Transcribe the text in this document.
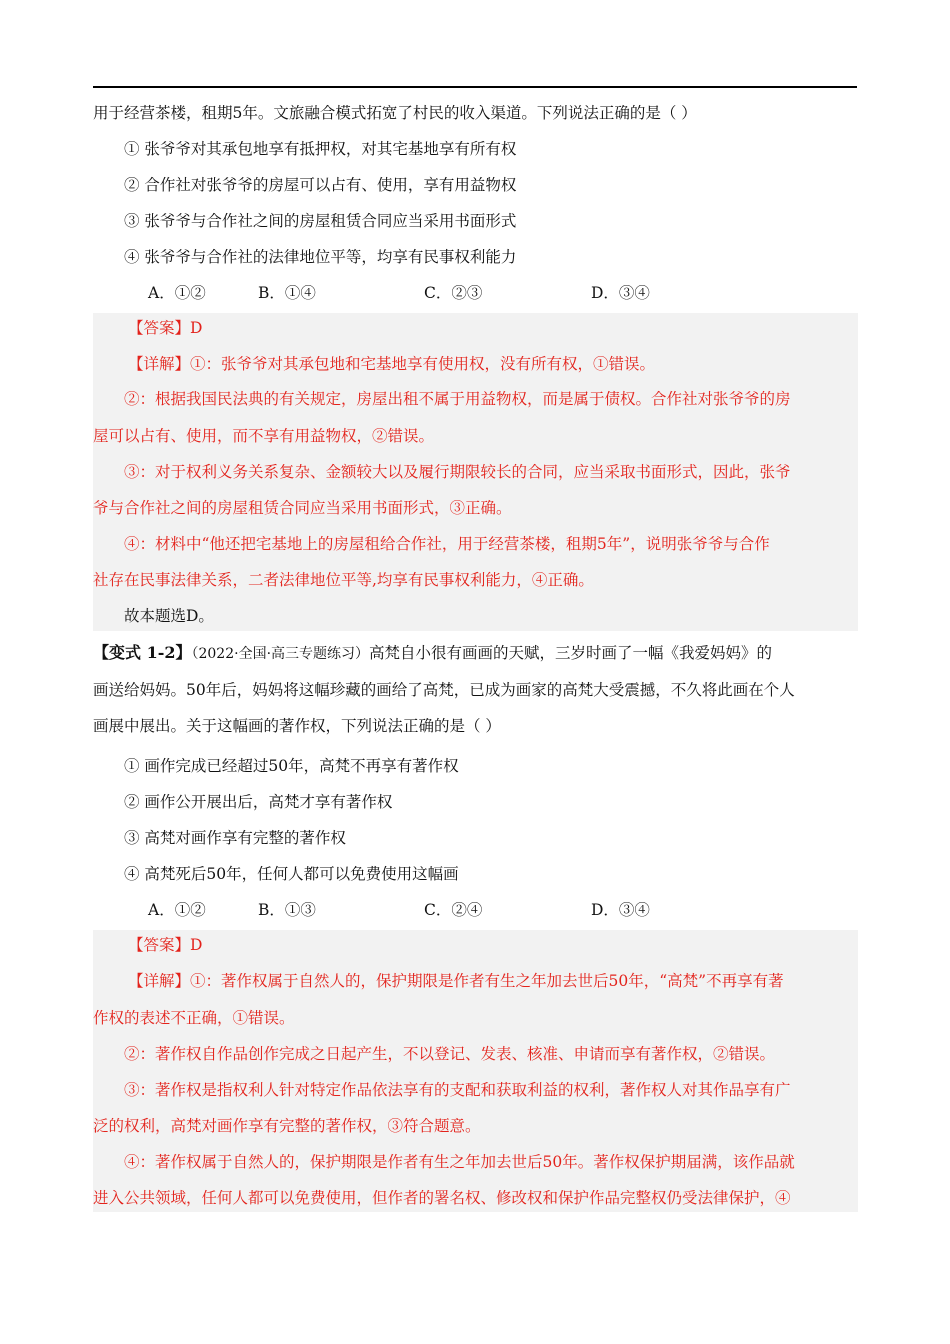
用于经营茶楼，租期5年。文旅融合模式拓宽了村民的收入渠道。下列说法正确的是（ ）
① 张爷爷对其承包地享有抵押权，对其宅基地享有所有权
② 合作社对张爷爷的房屋可以占有、使用，享有用益物权
③ 张爷爷与合作社之间的房屋租赁合同应当采用书面形式
④ 张爷爷与合作社的法律地位平等，均享有民事权利能力
A．①②	B．①④	C．②③	D．③④
【答案】D
【详解】①：张爷爷对其承包地和宅基地享有使用权，没有所有权，①错误。
②：根据我国民法典的有关规定，房屋出租不属于用益物权，而是属于债权。合作社对张爷爷的房
屋可以占有、使用，而不享有用益物权，②错误。
③：对于权利义务关系复杂、金额较大以及履行期限较长的合同，应当采取书面形式，因此，张爷
爷与合作社之间的房屋租赁合同应当采用书面形式，③正确。
④：材料中“他还把宅基地上的房屋租给合作社，用于经营茶楼，租期5年”，说明张爷爷与合作
社存在民事法律关系，二者法律地位平等,均享有民事权利能力，④正确。
故本题选D。
【变式 1-2】（2022·全国·高三专题练习）高梵自小很有画画的天赋，三岁时画了一幅《我爱妈妈》的
画送给妈妈。50年后，妈妈将这幅珍藏的画给了高梵，已成为画家的高梵大受震撼，不久将此画在个人
画展中展出。关于这幅画的著作权，下列说法正确的是（ ）
① 画作完成已经超过50年，高梵不再享有著作权
② 画作公开展出后，高梵才享有著作权
③ 高梵对画作享有完整的著作权
④ 高梵死后50年，任何人都可以免费使用这幅画
A．①②	B．①③	C．②④	D．③④
【答案】D
【详解】①：著作权属于自然人的，保护期限是作者有生之年加去世后50年，“高梵”不再享有著
作权的表述不正确，①错误。
②：著作权自作品创作完成之日起产生，不以登记、发表、核准、申请而享有著作权，②错误。
③：著作权是指权利人针对特定作品依法享有的支配和获取利益的权利，著作权人对其作品享有广
泛的权利，高梵对画作享有完整的著作权，③符合题意。
④：著作权属于自然人的，保护期限是作者有生之年加去世后50年。著作权保护期届满，该作品就
进入公共领域，任何人都可以免费使用，但作者的署名权、修改权和保护作品完整权仍受法律保护，④
